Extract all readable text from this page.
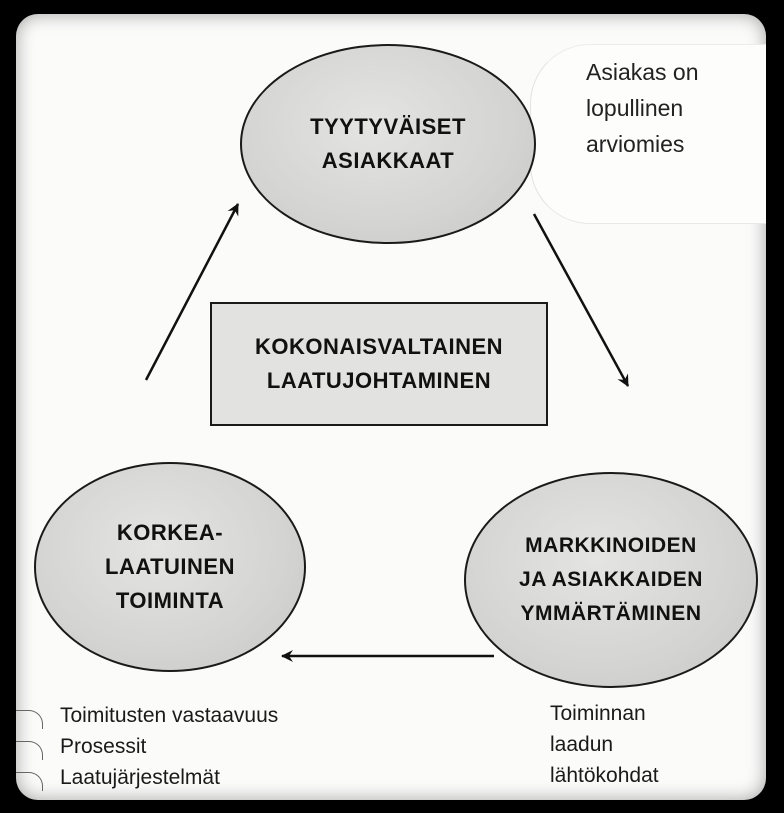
Asiakas on
lopullinen
arviomies
TYYTYVÄISET
ASIAKKAAT
KOKONAISVALTAINEN
LAATUJOHTAMINEN
KORKEA-
LAATUINEN
TOIMINTA
MARKKINOIDEN
JA ASIAKKAIDEN
YMMÄRTÄMINEN
Toimitusten vastaavuus
Prosessit
Laatujärjestelmät
Toiminnan
laadun
lähtökohdat
